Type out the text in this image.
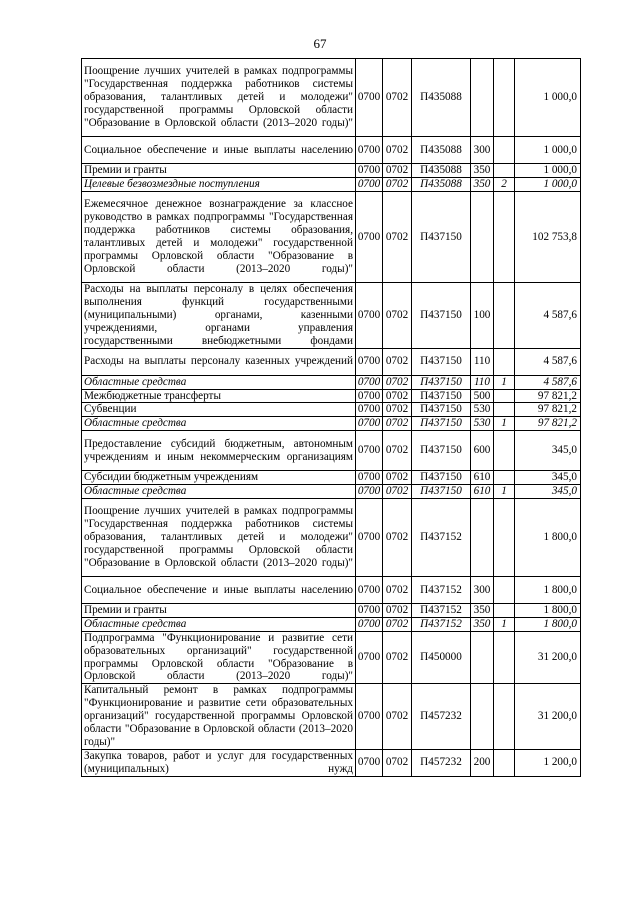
67
Поощрение лучших учителей в рамках подпрограммы "Государственная поддержка работников системы образования, талантливых детей и молодежи" государственной программы Орловской области "Образование в Орловской области (2013–2020 годы)"	0700	0702	П435088			1 000,0
Социальное обеспечение и иные выплаты населению	0700	0702	П435088	300		1 000,0
Премии и гранты	0700	0702	П435088	350		1 000,0
Целевые безвозмездные поступления	0700	0702	П435088	350	2	1 000,0
Ежемесячное денежное вознаграждение за классное руководство в рамках подпрограммы "Государственная поддержка работников системы образования, талантливых детей и молодежи" государственной программы Орловской области "Образование в Орловской области (2013–2020 годы)"	0700	0702	П437150			102 753,8
Расходы на выплаты персоналу в целях обеспечения выполнения функций государственными (муниципальными) органами, казенными учреждениями, органами управления государственными внебюджетными фондами	0700	0702	П437150	100		4 587,6
Расходы на выплаты персоналу казенных учреждений	0700	0702	П437150	110		4 587,6
Областные средства	0700	0702	П437150	110	1	4 587,6
Межбюджетные трансферты	0700	0702	П437150	500		97 821,2
Субвенции	0700	0702	П437150	530		97 821,2
Областные средства	0700	0702	П437150	530	1	97 821,2
Предоставление субсидий бюджетным, автономным учреждениям и иным некоммерческим организациям	0700	0702	П437150	600		345,0
Субсидии бюджетным учреждениям	0700	0702	П437150	610		345,0
Областные средства	0700	0702	П437150	610	1	345,0
Поощрение лучших учителей в рамках подпрограммы "Государственная поддержка работников системы образования, талантливых детей и молодежи" государственной программы Орловской области "Образование в Орловской области (2013–2020 годы)"	0700	0702	П437152			1 800,0
Социальное обеспечение и иные выплаты населению	0700	0702	П437152	300		1 800,0
Премии и гранты	0700	0702	П437152	350		1 800,0
Областные средства	0700	0702	П437152	350	1	1 800,0
Подпрограмма "Функционирование и развитие сети образовательных организаций" государственной программы Орловской области "Образование в Орловской области (2013–2020 годы)"	0700	0702	П450000			31 200,0
Капитальный ремонт в рамках подпрограммы "Функционирование и развитие сети образовательных организаций" государственной программы Орловской области "Образование в Орловской области (2013–2020 годы)"	0700	0702	П457232			31 200,0
Закупка товаров, работ и услуг для государственных (муниципальных) нужд	0700	0702	П457232	200		1 200,0
